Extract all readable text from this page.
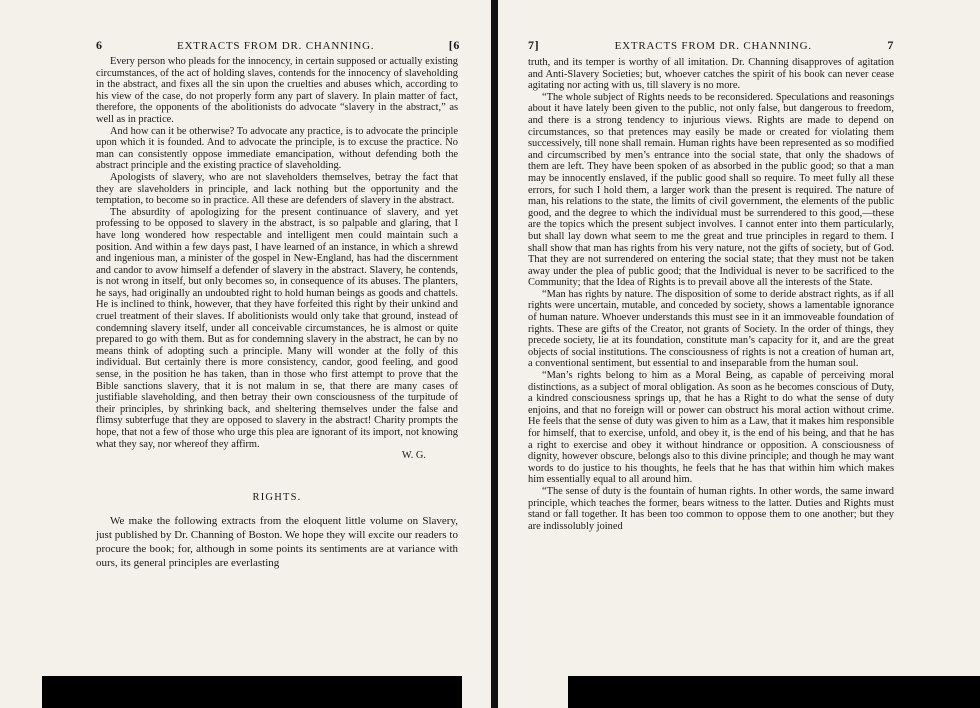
6	EXTRACTS FROM DR. CHANNING.	[6

Every person who pleads for the innocency, in certain supposed or actually existing circumstances, of the act of holding slaves, contends for the innocency of slaveholding in the abstract, and fixes all the sin upon the cruelties and abuses which, according to his view of the case, do not properly form any part of slavery. In plain matter of fact, therefore, the opponents of the abolitionists do advocate “slavery in the abstract,” as well as in practice.

And how can it be otherwise? To advocate any practice, is to advocate the principle upon which it is founded. And to advocate the principle, is to excuse the practice. No man can consistently oppose immediate emancipation, without defending both the abstract principle and the existing practice of slaveholding.

Apologists of slavery, who are not slaveholders themselves, betray the fact that they are slaveholders in principle, and lack nothing but the opportunity and the temptation, to become so in practice. All these are defenders of slavery in the abstract.

The absurdity of apologizing for the present continuance of slavery, and yet professing to be opposed to slavery in the abstract, is so palpable and glaring, that I have long wondered how respectable and intelligent men could maintain such a position. And within a few days past, I have learned of an instance, in which a shrewd and ingenious man, a minister of the gospel in New-England, has had the discernment and candor to avow himself a defender of slavery in the abstract. Slavery, he contends, is not wrong in itself, but only becomes so, in consequence of its abuses. The planters, he says, had originally an undoubted right to hold human beings as goods and chattels. He is inclined to think, however, that they have forfeited this right by their unkind and cruel treatment of their slaves. If abolitionists would only take that ground, instead of condemning slavery itself, under all conceivable circumstances, he is almost or quite prepared to go with them. But as for condemning slavery in the abstract, he can by no means think of adopting such a principle. Many will wonder at the folly of this individual. But certainly there is more consistency, candor, good feeling, and good sense, in the position he has taken, than in those who first attempt to prove that the Bible sanctions slavery, that it is not malum in se, that there are many cases of justifiable slaveholding, and then betray their own consciousness of the turpitude of their principles, by shrinking back, and sheltering themselves under the false and flimsy subterfuge that they are opposed to slavery in the abstract! Charity prompts the hope, that not a few of those who urge this plea are ignorant of its import, not knowing what they say, nor whereof they affirm.

W. G.

RIGHTS.

We make the following extracts from the eloquent little volume on Slavery, just published by Dr. Channing of Boston. We hope they will excite our readers to procure the book; for, although in some points its sentiments are at variance with ours, its general principles are everlasting

7]	EXTRACTS FROM DR. CHANNING.	7

truth, and its temper is worthy of all imitation. Dr. Channing disapproves of agitation and Anti-Slavery Societies; but, whoever catches the spirit of his book can never cease agitating nor acting with us, till slavery is no more.

“The whole subject of Rights needs to be reconsidered. Speculations and reasonings about it have lately been given to the public, not only false, but dangerous to freedom, and there is a strong tendency to injurious views. Rights are made to depend on circumstances, so that pretences may easily be made or created for violating them successively, till none shall remain. Human rights have been represented as so modified and circumscribed by men’s entrance into the social state, that only the shadows of them are left. They have been spoken of as absorbed in the public good; so that a man may be innocently enslaved, if the public good shall so require. To meet fully all these errors, for such I hold them, a larger work than the present is required. The nature of man, his relations to the state, the limits of civil government, the elements of the public good, and the degree to which the individual must be surrendered to this good,—these are the topics which the present subject involves. I cannot enter into them particularly, but shall lay down what seem to me the great and true principles in regard to them. I shall show that man has rights from his very nature, not the gifts of society, but of God. That they are not surrendered on entering the social state; that they must not be taken away under the plea of public good; that the Individual is never to be sacrificed to the Community; that the Idea of Rights is to prevail above all the interests of the State.

“Man has rights by nature. The disposition of some to deride abstract rights, as if all rights were uncertain, mutable, and conceded by society, shows a lamentable ignorance of human nature. Whoever understands this must see in it an immoveable foundation of rights. These are gifts of the Creator, not grants of Society. In the order of things, they precede society, lie at its foundation, constitute man’s capacity for it, and are the great objects of social institutions. The consciousness of rights is not a creation of human art, a conventional sentiment, but essential to and inseparable from the human soul.

“Man’s rights belong to him as a Moral Being, as capable of perceiving moral distinctions, as a subject of moral obligation. As soon as he becomes conscious of Duty, a kindred consciousness springs up, that he has a Right to do what the sense of duty enjoins, and that no foreign will or power can obstruct his moral action without crime. He feels that the sense of duty was given to him as a Law, that it makes him responsible for himself, that to exercise, unfold, and obey it, is the end of his being, and that he has a right to exercise and obey it without hindrance or opposition. A consciousness of dignity, however obscure, belongs also to this divine principle; and though he may want words to do justice to his thoughts, he feels that he has that within him which makes him essentially equal to all around him.

“The sense of duty is the fountain of human rights. In other words, the same inward principle, which teaches the former, bears witness to the latter. Duties and Rights must stand or fall together. It has been too common to oppose them to one another; but they are indissolubly joined
